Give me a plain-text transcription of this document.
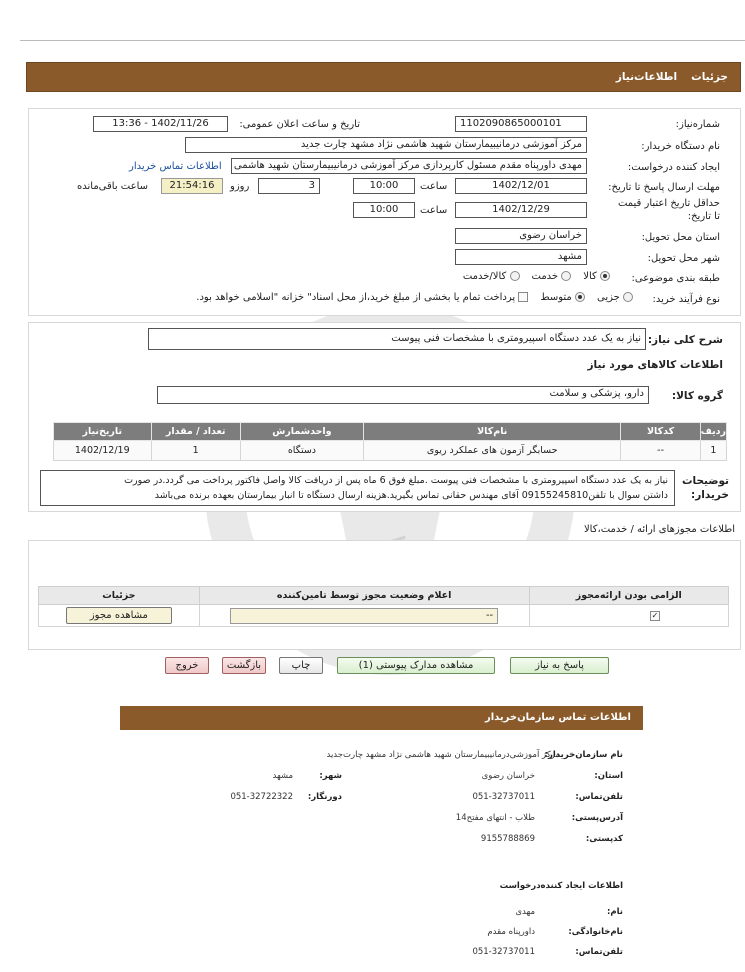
جزئیات
اطلاعات‌نیاز
شماره‌نیاز:
1102090865000101
تاریخ و ساعت اعلان عمومی:
1402/11/26 - 13:36
نام دستگاه خریدار:
مرکز آموزشی درمانیبیمارستان شهید هاشمی نژاد مشهد چارت جدید
ایجاد کننده درخواست:
مهدی داورپناه مقدم مسئول کارپردازی مرکز آموزشی درمانیبیمارستان شهید هاشمی
اطلاعات تماس خریدار
مهلت ارسال پاسخ تا تاریخ:
1402/12/01
ساعت
10:00
3
روزو
21:54:16
ساعت باقی‌مانده
حداقل تاریخ اعتبار قیمت
تا تاریخ:
1402/12/29
ساعت
10:00
استان محل تحویل:
خراسان رضوی
شهر محل تحویل:
مشهد
طبقه بندی موضوعی:
کالا
خدمت
کالا/خدمت
نوع فرآیند خرید:
جزیی
متوسط
پرداخت تمام یا بخشی از مبلغ خرید،از محل اسناد" خزانه "اسلامی خواهد بود.
شرح کلی نیاز:
نیاز به یک عدد دستگاه اسپیرومتری با مشخصات فنی پیوست
اطلاعات کالاهای مورد نیاز
گروه کالا:
دارو، پزشکی و سلامت
ردیف	کدکالا	نام‌کالا	واحدشمارش	تعداد / مقدار	تاریخ‌نیاز
1	--	حسابگر آزمون های عملکرد ریوی	دستگاه	1	1402/12/19
توضیحات
خریدار:
نیاز به یک عدد دستگاه اسپیرومتری با مشخصات فنی پیوست .مبلغ فوق 6 ماه پس از دریافت کالا واصل فاکتور پرداخت می گردد.در صورت
داشتن سوال با تلفن09155245810 آقای مهندس حقانی تماس بگیرید.هزینه ارسال دستگاه تا انبار بیمارستان بعهده برنده می‌باشد
اطلاعات مجوزهای ارائه / خدمت،کالا
الزامی بودن ارائه‌مجوز	اعلام وضعیت مجوز توسط تامین‌کننده	جزئیات
✓	--	مشاهده مجوز
پاسخ به نیاز
مشاهده مدارک پیوستی (1)
چاپ
بازگشت
خروج
اطلاعات تماس سازمان‌خریدار
نام سازمان‌خریدار:
مرکز آموزشی‌درمانیبیمارستان شهید هاشمی نژاد مشهد چارت‌جدید
استان:
خراسان رضوی
شهر:
مشهد
تلفن‌تماس:
051-32737011
دورنگار:
051-32722322
آدرس‌پستی:
طلاب - انتهای مفتح14
کد‌پستی:
9155788869
اطلاعات ایجاد کننده‌درخواست
نام:
مهدی
نام‌خانوادگی:
داورپناه مقدم
تلفن‌تماس:
051-32737011
